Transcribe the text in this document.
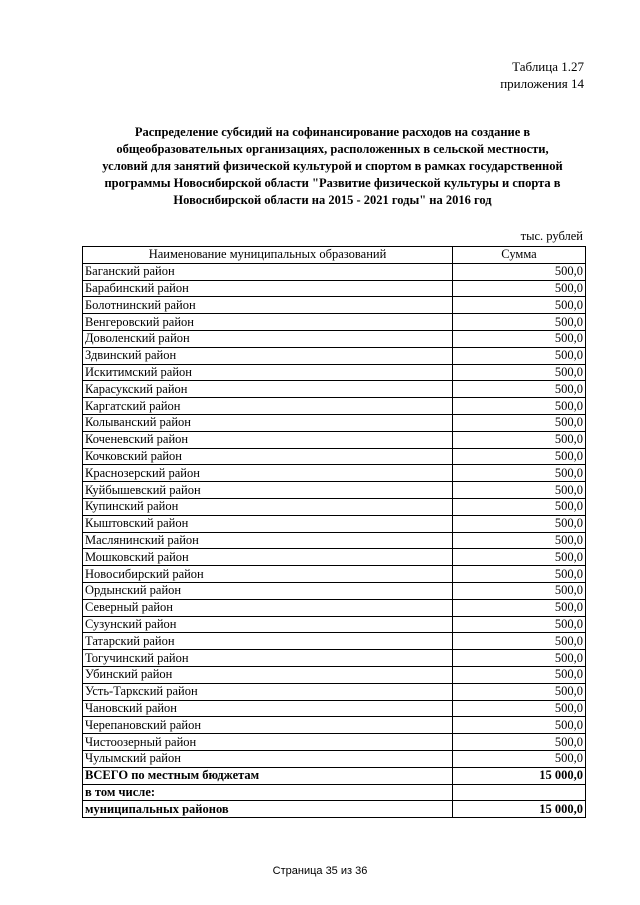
Таблица 1.27
приложения 14
Распределение субсидий на софинансирование расходов на создание в
общеобразовательных организациях, расположенных в сельской местности,
условий для занятий физической культурой и спортом в рамках государственной
программы Новосибирской области "Развитие физической культуры и спорта в
Новосибирской области на 2015 - 2021 годы" на 2016 год
тыс. рублей
Наименование муниципальных образований	Сумма
Баганский район	500,0
Барабинский район	500,0
Болотнинский район	500,0
Венгеровский район	500,0
Доволенский район	500,0
Здвинский район	500,0
Искитимский район	500,0
Карасукский район	500,0
Каргатский район	500,0
Колыванский район	500,0
Коченевский район	500,0
Кочковский район	500,0
Краснозерский район	500,0
Куйбышевский район	500,0
Купинский район	500,0
Кыштовский район	500,0
Маслянинский район	500,0
Мошковский район	500,0
Новосибирский район	500,0
Ордынский район	500,0
Северный район	500,0
Сузунский район	500,0
Татарский район	500,0
Тогучинский район	500,0
Убинский район	500,0
Усть-Таркский район	500,0
Чановский район	500,0
Черепановский район	500,0
Чистоозерный район	500,0
Чулымский район	500,0
ВСЕГО по местным бюджетам	15 000,0
в том числе:	
муниципальных районов	15 000,0
Страница 35 из 36
